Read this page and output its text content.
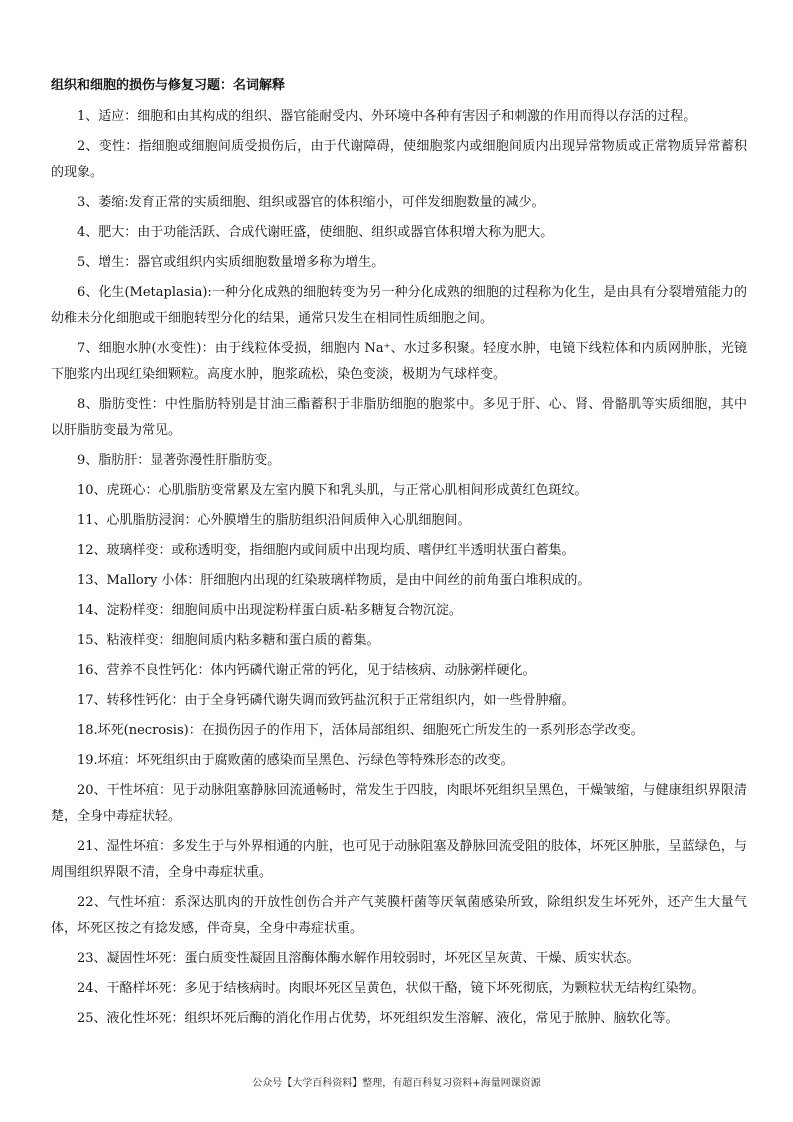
组织和细胞的损伤与修复习题：名词解释

1、适应：细胞和由其构成的组织、器官能耐受内、外环境中各种有害因子和刺激的作用而得以存活的过程。

2、变性：指细胞或细胞间质受损伤后，由于代谢障碍，使细胞浆内或细胞间质内出现异常物质或正常物质异常蓄积的现象。

3、萎缩:发育正常的实质细胞、组织或器官的体积缩小，可伴发细胞数量的减少。

4、肥大：由于功能活跃、合成代谢旺盛，使细胞、组织或器官体积增大称为肥大。

5、增生：器官或组织内实质细胞数量增多称为增生。

6、化生(Metaplasia):一种分化成熟的细胞转变为另一种分化成熟的细胞的过程称为化生，是由具有分裂增殖能力的幼稚未分化细胞或干细胞转型分化的结果，通常只发生在相同性质细胞之间。

7、细胞水肿(水变性)：由于线粒体受损，细胞内 Na⁺、水过多积聚。轻度水肿，电镜下线粒体和内质网肿胀，光镜下胞浆内出现红染细颗粒。高度水肿，胞浆疏松，染色变淡，极期为气球样变。

8、脂肪变性：中性脂肪特别是甘油三酯蓄积于非脂肪细胞的胞浆中。多见于肝、心、肾、骨骼肌等实质细胞，其中以肝脂肪变最为常见。

9、脂肪肝：显著弥漫性肝脂肪变。

10、虎斑心：心肌脂肪变常累及左室内膜下和乳头肌，与正常心肌相间形成黄红色斑纹。

11、心肌脂肪浸润：心外膜增生的脂肪组织沿间质伸入心肌细胞间。

12、玻璃样变：或称透明变，指细胞内或间质中出现均质、嗜伊红半透明状蛋白蓄集。

13、Mallory 小体：肝细胞内出现的红染玻璃样物质，是由中间丝的前角蛋白堆积成的。

14、淀粉样变：细胞间质中出现淀粉样蛋白质-粘多糖复合物沉淀。

15、粘液样变：细胞间质内粘多糖和蛋白质的蓄集。

16、营养不良性钙化：体内钙磷代谢正常的钙化，见于结核病、动脉粥样硬化。

17、转移性钙化：由于全身钙磷代谢失调而致钙盐沉积于正常组织内，如一些骨肿瘤。

18.坏死(necrosis)：在损伤因子的作用下，活体局部组织、细胞死亡所发生的一系列形态学改变。

19.坏疽：坏死组织由于腐败菌的感染而呈黑色、污绿色等特殊形态的改变。

20、干性坏疽：见于动脉阻塞静脉回流通畅时，常发生于四肢，肉眼坏死组织呈黑色，干燥皱缩，与健康组织界限清楚，全身中毒症状轻。

21、湿性坏疽：多发生于与外界相通的内脏，也可见于动脉阻塞及静脉回流受阻的肢体，坏死区肿胀，呈蓝绿色，与周围组织界限不清，全身中毒症状重。

22、气性坏疽：系深达肌肉的开放性创伤合并产气荚膜杆菌等厌氧菌感染所致，除组织发生坏死外，还产生大量气体，坏死区按之有捻发感，伴奇臭，全身中毒症状重。

23、凝固性坏死：蛋白质变性凝固且溶酶体酶水解作用较弱时，坏死区呈灰黄、干燥、质实状态。

24、干酪样坏死：多见于结核病时。肉眼坏死区呈黄色，状似干酪，镜下坏死彻底，为颗粒状无结构红染物。

25、液化性坏死：组织坏死后酶的消化作用占优势，坏死组织发生溶解、液化，常见于脓肿、脑软化等。

公众号【大学百科资料】整理，有超百科复习资料+海量网课资源
